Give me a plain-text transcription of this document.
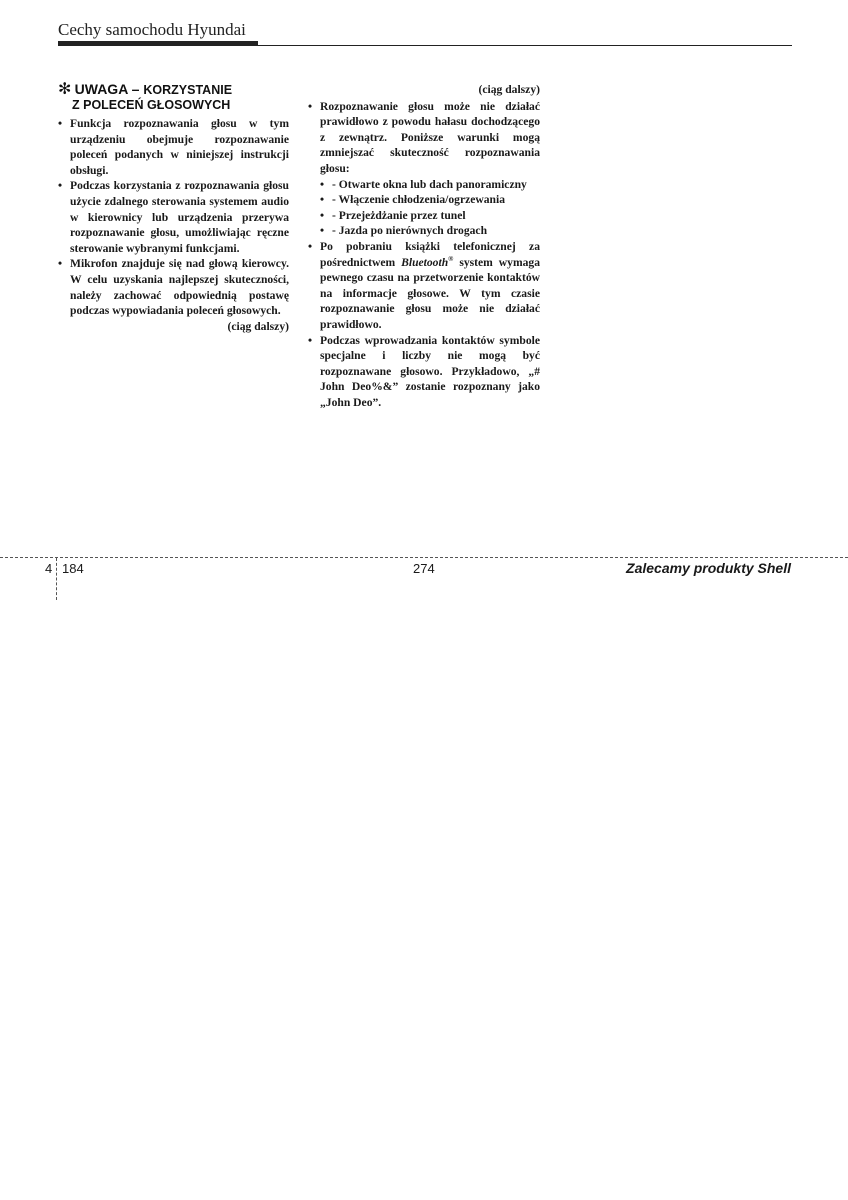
Cechy samochodu Hyundai
✻ UWAGA – KORZYSTANIE
Z POLECEŃ GŁOSOWYCH
• Funkcja rozpoznawania głosu w tym urządzeniu obejmuje rozpoznawanie poleceń podanych w niniejszej instrukcji obsługi.
• Podczas korzystania z rozpoznawania głosu użycie zdalnego sterowania systemem audio w kierownicy lub urządzenia przerywa rozpoznawanie głosu, umożliwiając ręczne sterowanie wybranymi funkcjami.
• Mikrofon znajduje się nad głową kierowcy. W celu uzyskania najlepszej skuteczności, należy zachować odpowiednią postawę podczas wypowiadania poleceń głosowych.
(ciąg dalszy)
(ciąg dalszy)
• Rozpoznawanie głosu może nie działać prawidłowo z powodu hałasu dochodzącego z zewnątrz. Poniższe warunki mogą zmniejszać skuteczność rozpoznawania głosu:
• - Otwarte okna lub dach panoramiczny
• - Włączenie chłodzenia/ogrzewania
• - Przejeżdżanie przez tunel
• - Jazda po nierównych drogach
• Po pobraniu książki telefonicznej za pośrednictwem Bluetooth® system wymaga pewnego czasu na przetworzenie kontaktów na informacje głosowe. W tym czasie rozpoznawanie głosu może nie działać prawidłowo.
• Podczas wprowadzania kontaktów symbole specjalne i liczby nie mogą być rozpoznawane głosowo. Przykładowo, „# John Deo%&” zostanie rozpoznany jako „John Deo”.
4 184	274	Zalecamy produkty Shell
